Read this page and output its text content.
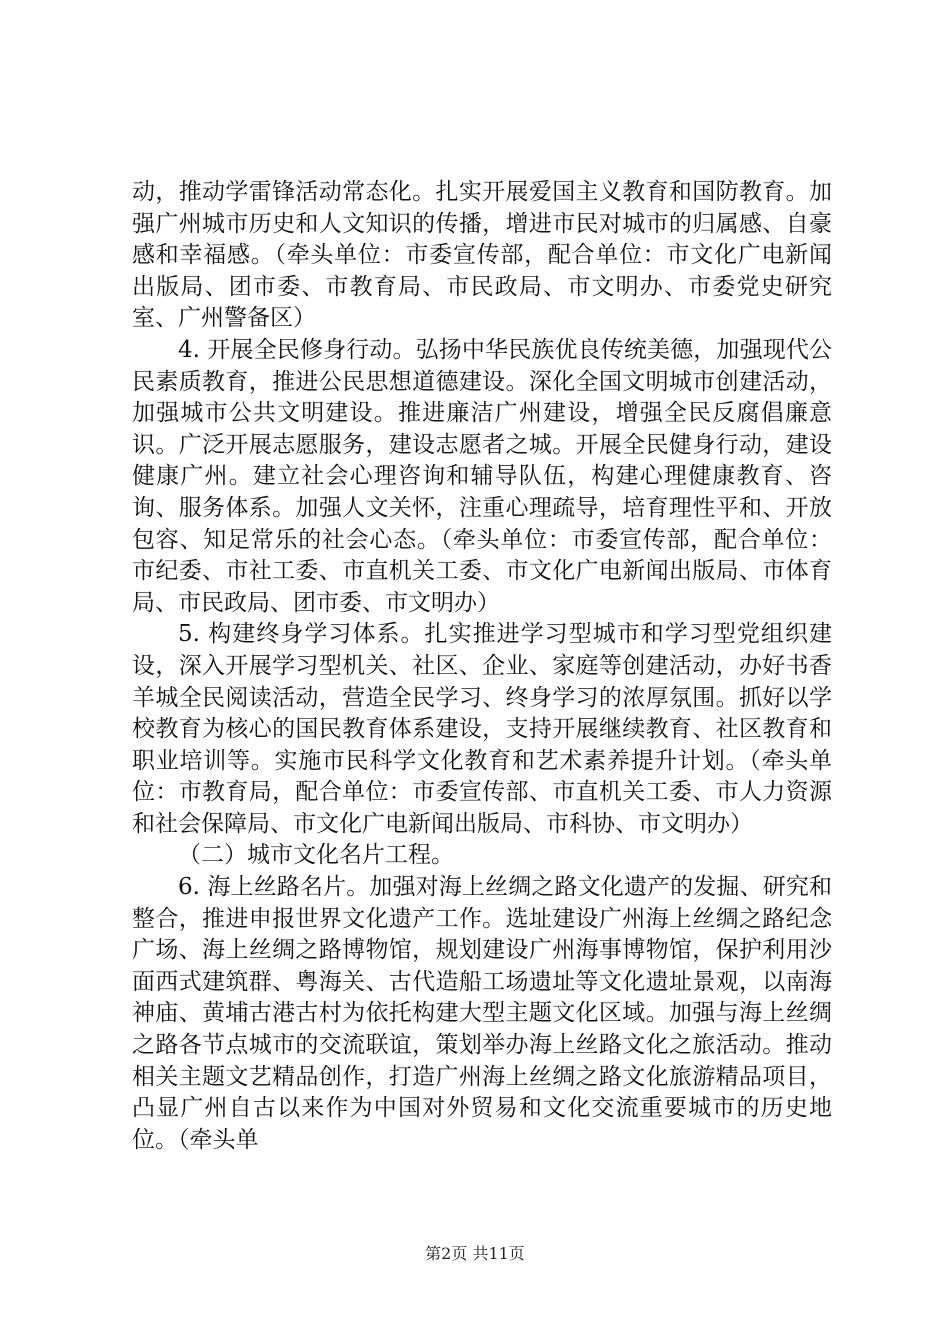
动，推动学雷锋活动常态化。扎实开展爱国主义教育和国防教育。加强广州城市历史和人文知识的传播，增进市民对城市的归属感、自豪感和幸福感。（牵头单位：市委宣传部，配合单位：市文化广电新闻出版局、团市委、市教育局、市民政局、市文明办、市委党史研究室、广州警备区）

4. 开展全民修身行动。弘扬中华民族优良传统美德，加强现代公民素质教育，推进公民思想道德建设。深化全国文明城市创建活动，加强城市公共文明建设。推进廉洁广州建设，增强全民反腐倡廉意识。广泛开展志愿服务，建设志愿者之城。开展全民健身行动，建设健康广州。建立社会心理咨询和辅导队伍，构建心理健康教育、咨询、服务体系。加强人文关怀，注重心理疏导，培育理性平和、开放包容、知足常乐的社会心态。（牵头单位：市委宣传部，配合单位：市纪委、市社工委、市直机关工委、市文化广电新闻出版局、市体育局、市民政局、团市委、市文明办）

5. 构建终身学习体系。扎实推进学习型城市和学习型党组织建设，深入开展学习型机关、社区、企业、家庭等创建活动，办好书香羊城全民阅读活动，营造全民学习、终身学习的浓厚氛围。抓好以学校教育为核心的国民教育体系建设，支持开展继续教育、社区教育和职业培训等。实施市民科学文化教育和艺术素养提升计划。（牵头单位：市教育局，配合单位：市委宣传部、市直机关工委、市人力资源和社会保障局、市文化广电新闻出版局、市科协、市文明办）

（二）城市文化名片工程。

6. 海上丝路名片。加强对海上丝绸之路文化遗产的发掘、研究和整合，推进申报世界文化遗产工作。选址建设广州海上丝绸之路纪念广场、海上丝绸之路博物馆，规划建设广州海事博物馆，保护利用沙面西式建筑群、粤海关、古代造船工场遗址等文化遗址景观，以南海神庙、黄埔古港古村为依托构建大型主题文化区域。加强与海上丝绸之路各节点城市的交流联谊，策划举办海上丝路文化之旅活动。推动相关主题文艺精品创作，打造广州海上丝绸之路文化旅游精品项目，凸显广州自古以来作为中国对外贸易和文化交流重要城市的历史地位。（牵头单

第2页 共11页
